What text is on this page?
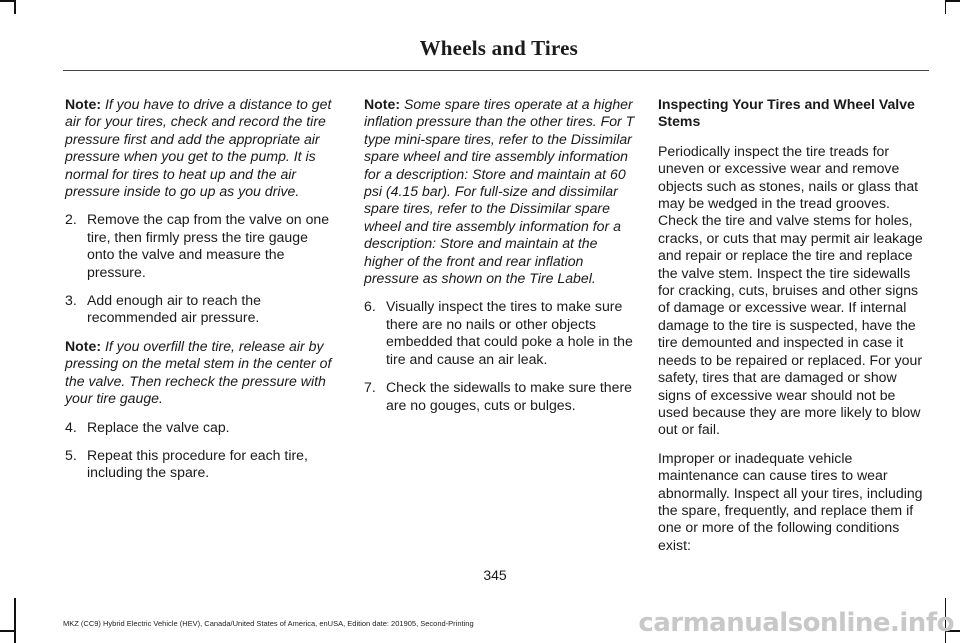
Wheels and Tires

Note: If you have to drive a distance to get air for your tires, check and record the tire pressure first and add the appropriate air pressure when you get to the pump. It is normal for tires to heat up and the air pressure inside to go up as you drive.

2. Remove the cap from the valve on one tire, then firmly press the tire gauge onto the valve and measure the pressure.
3. Add enough air to reach the recommended air pressure.

Note: If you overfill the tire, release air by pressing on the metal stem in the center of the valve. Then recheck the pressure with your tire gauge.

4. Replace the valve cap.
5. Repeat this procedure for each tire, including the spare.

Note: Some spare tires operate at a higher inflation pressure than the other tires. For T type mini-spare tires, refer to the Dissimilar spare wheel and tire assembly information for a description: Store and maintain at 60 psi (4.15 bar). For full-size and dissimilar spare tires, refer to the Dissimilar spare wheel and tire assembly information for a description: Store and maintain at the higher of the front and rear inflation pressure as shown on the Tire Label.

6. Visually inspect the tires to make sure there are no nails or other objects embedded that could poke a hole in the tire and cause an air leak.
7. Check the sidewalls to make sure there are no gouges, cuts or bulges.
Inspecting Your Tires and Wheel Valve Stems

Periodically inspect the tire treads for uneven or excessive wear and remove objects such as stones, nails or glass that may be wedged in the tread grooves. Check the tire and valve stems for holes, cracks, or cuts that may permit air leakage and repair or replace the tire and replace the valve stem. Inspect the tire sidewalls for cracking, cuts, bruises and other signs of damage or excessive wear. If internal damage to the tire is suspected, have the tire demounted and inspected in case it needs to be repaired or replaced. For your safety, tires that are damaged or show signs of excessive wear should not be used because they are more likely to blow out or fail.

Improper or inadequate vehicle maintenance can cause tires to wear abnormally. Inspect all your tires, including the spare, frequently, and replace them if one or more of the following conditions exist:

345
MKZ (CC9) Hybrid Electric Vehicle (HEV), Canada/United States of America, enUSA, Edition date: 201905, Second-Printing	carmanualsonline.info
